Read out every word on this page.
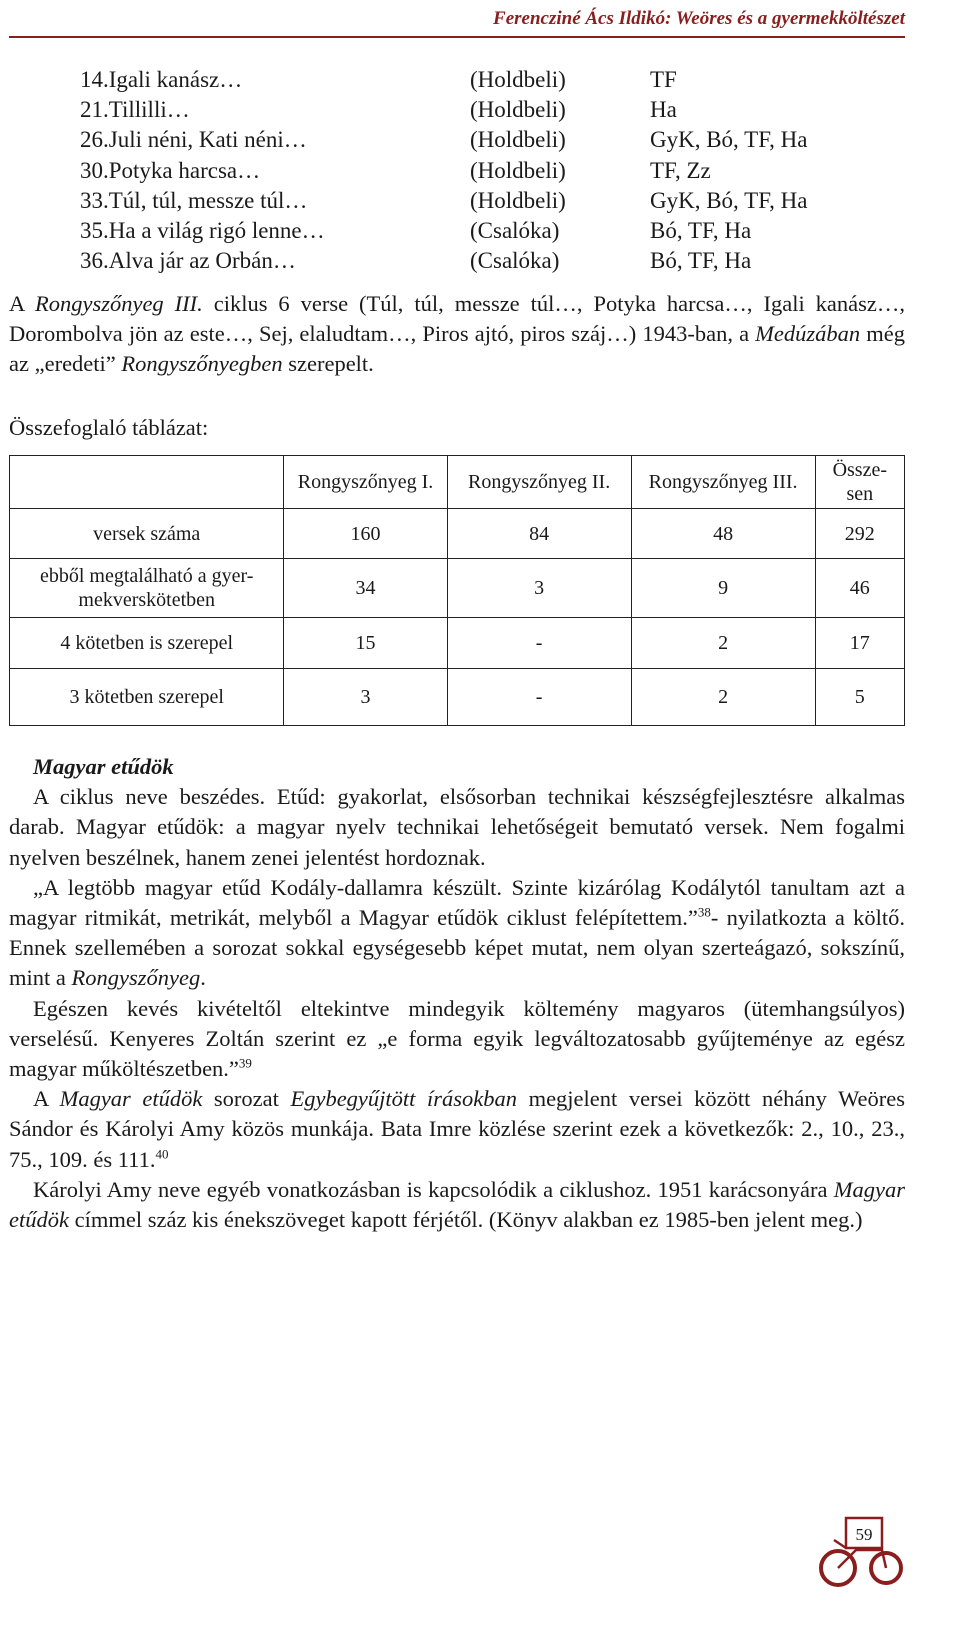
Ferencziné Ács Ildikó: Weöres és a gyermekköltészet
14.Igali kanász…	(Holdbeli)	TF
21.Tillilli…	(Holdbeli)	Ha
26.Juli néni, Kati néni…	(Holdbeli)	GyK, Bó, TF, Ha
30.Potyka harcsa…	(Holdbeli)	TF, Zz
33.Túl, túl, messze túl…	(Holdbeli)	GyK, Bó, TF, Ha
35.Ha a világ rigó lenne…	(Csalóka)	Bó, TF, Ha
36.Alva jár az Orbán…	(Csalóka)	Bó, TF, Ha
A Rongyszőnyeg III. ciklus 6 verse (Túl, túl, messze túl…, Potyka harcsa…, Igali kanász…, Dorombolva jön az este…, Sej, elaludtam…, Piros ajtó, piros száj…) 1943-ban, a Medúzában még az „eredeti” Rongyszőnyegben szerepelt.
Összefoglaló táblázat:
	Rongyszőnyeg I.	Rongyszőnyeg II.	Rongyszőnyeg III.	Össze-sen
versek száma	160	84	48	292
ebből megtalálható a gyer-mekverskötetben	34	3	9	46
4 kötetben is szerepel	15	-	2	17
3 kötetben szerepel	3	-	2	5
Magyar etűdök

A ciklus neve beszédes. Etűd: gyakorlat, elsősorban technikai készségfejlesztésre alkalmas darab. Magyar etűdök: a magyar nyelv technikai lehetőségeit bemutató versek. Nem fogalmi nyelven beszélnek, hanem zenei jelentést hordoznak.

„A legtöbb magyar etűd Kodály-dallamra készült. Szinte kizárólag Kodálytól tanultam azt a magyar ritmikát, metrikát, melyből a Magyar etűdök ciklust felépítettem.”$^{38}$- nyilatkozta a költő. Ennek szellemében a sorozat sokkal egységesebb képet mutat, nem olyan szerteágazó, sokszínű, mint a Rongyszőnyeg.

Egészen kevés kivételtől eltekintve mindegyik költemény magyaros (ütemhangsúlyos) verselésű. Kenyeres Zoltán szerint ez „e forma egyik legváltozatosabb gyűjteménye az egész magyar műköltészetben.”$^{39}$

A Magyar etűdök sorozat Egybegyűjtött írásokban megjelent versei között néhány Weöres Sándor és Károlyi Amy közös munkája. Bata Imre közlése szerint ezek a következők: 2., 10., 23., 75., 109. és 111.40

Károlyi Amy neve egyéb vonatkozásban is kapcsolódik a ciklushoz. 1951 karácsonyára Magyar etűdök címmel száz kis énekszöveget kapott férjétől. (Könyv alakban ez 1985-ben jelent meg.)

59
